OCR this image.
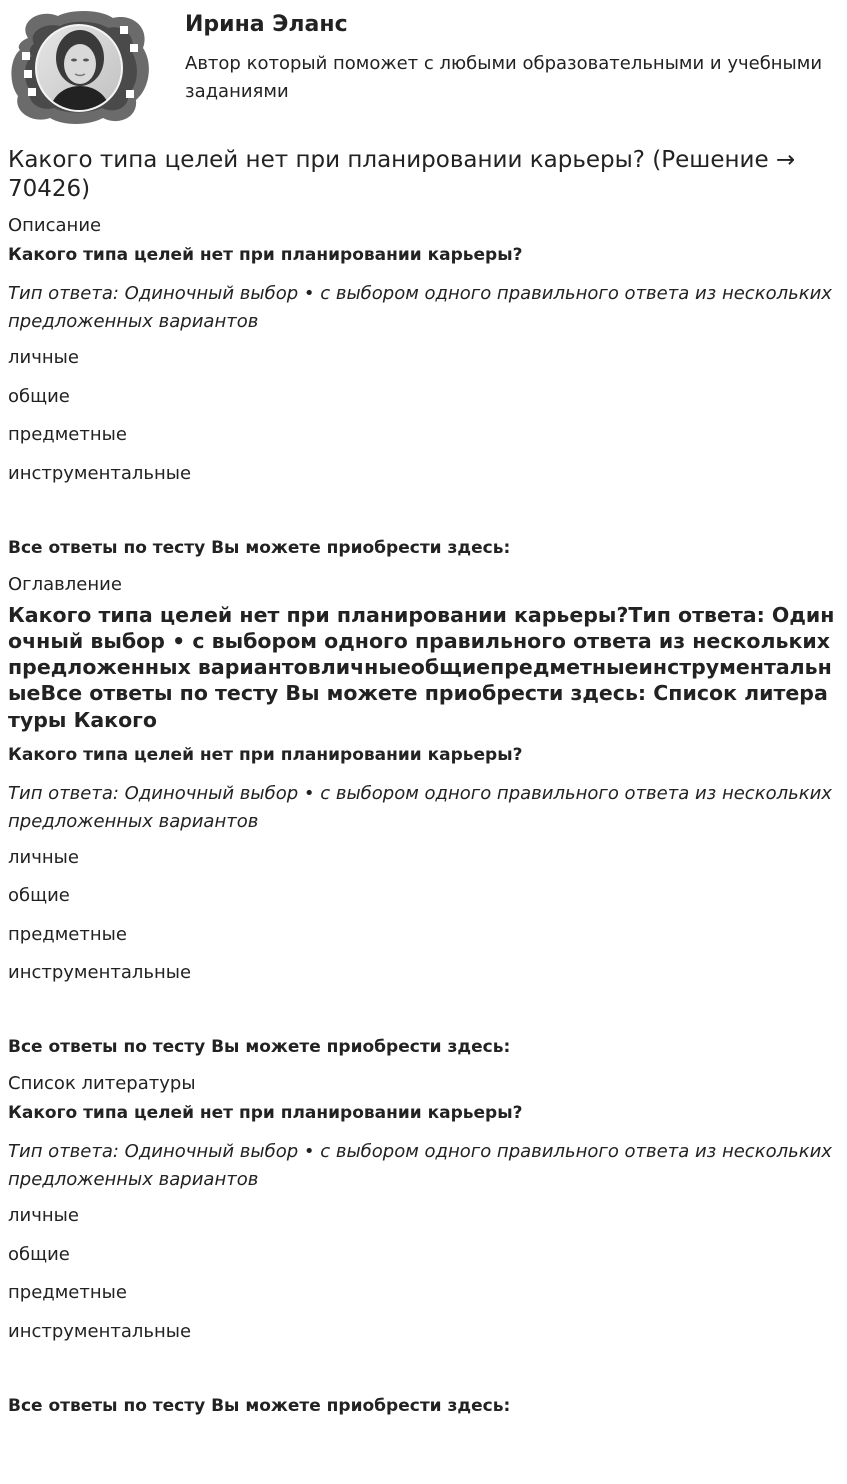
Ирина Эланс
Автор который поможет с любыми образовательными и учебными заданиями
Какого типа целей нет при планировании карьеры? (Решение → 70426)
Описание
Какого типа целей нет при планировании карьеры?
Тип ответа: Одиночный выбор • с выбором одного правильного ответа из нескольких предложенных вариантов
личные
общие
предметные
инструментальные
Все ответы по тесту Вы можете приобрести здесь:
Оглавление
Какого типа целей нет при планировании карьеры?Тип ответа: Одиночный выбор • с выбором одного правильного ответа из нескольких предложенных вариантовличныеобщиепредметныеинструментальныеВсе ответы по тесту Вы можете приобрести здесь: Список литературы Какого
Какого типа целей нет при планировании карьеры?
Тип ответа: Одиночный выбор • с выбором одного правильного ответа из нескольких предложенных вариантов
личные
общие
предметные
инструментальные
Все ответы по тесту Вы можете приобрести здесь:
Список литературы
Какого типа целей нет при планировании карьеры?
Тип ответа: Одиночный выбор • с выбором одного правильного ответа из нескольких предложенных вариантов
личные
общие
предметные
инструментальные
Все ответы по тесту Вы можете приобрести здесь:
